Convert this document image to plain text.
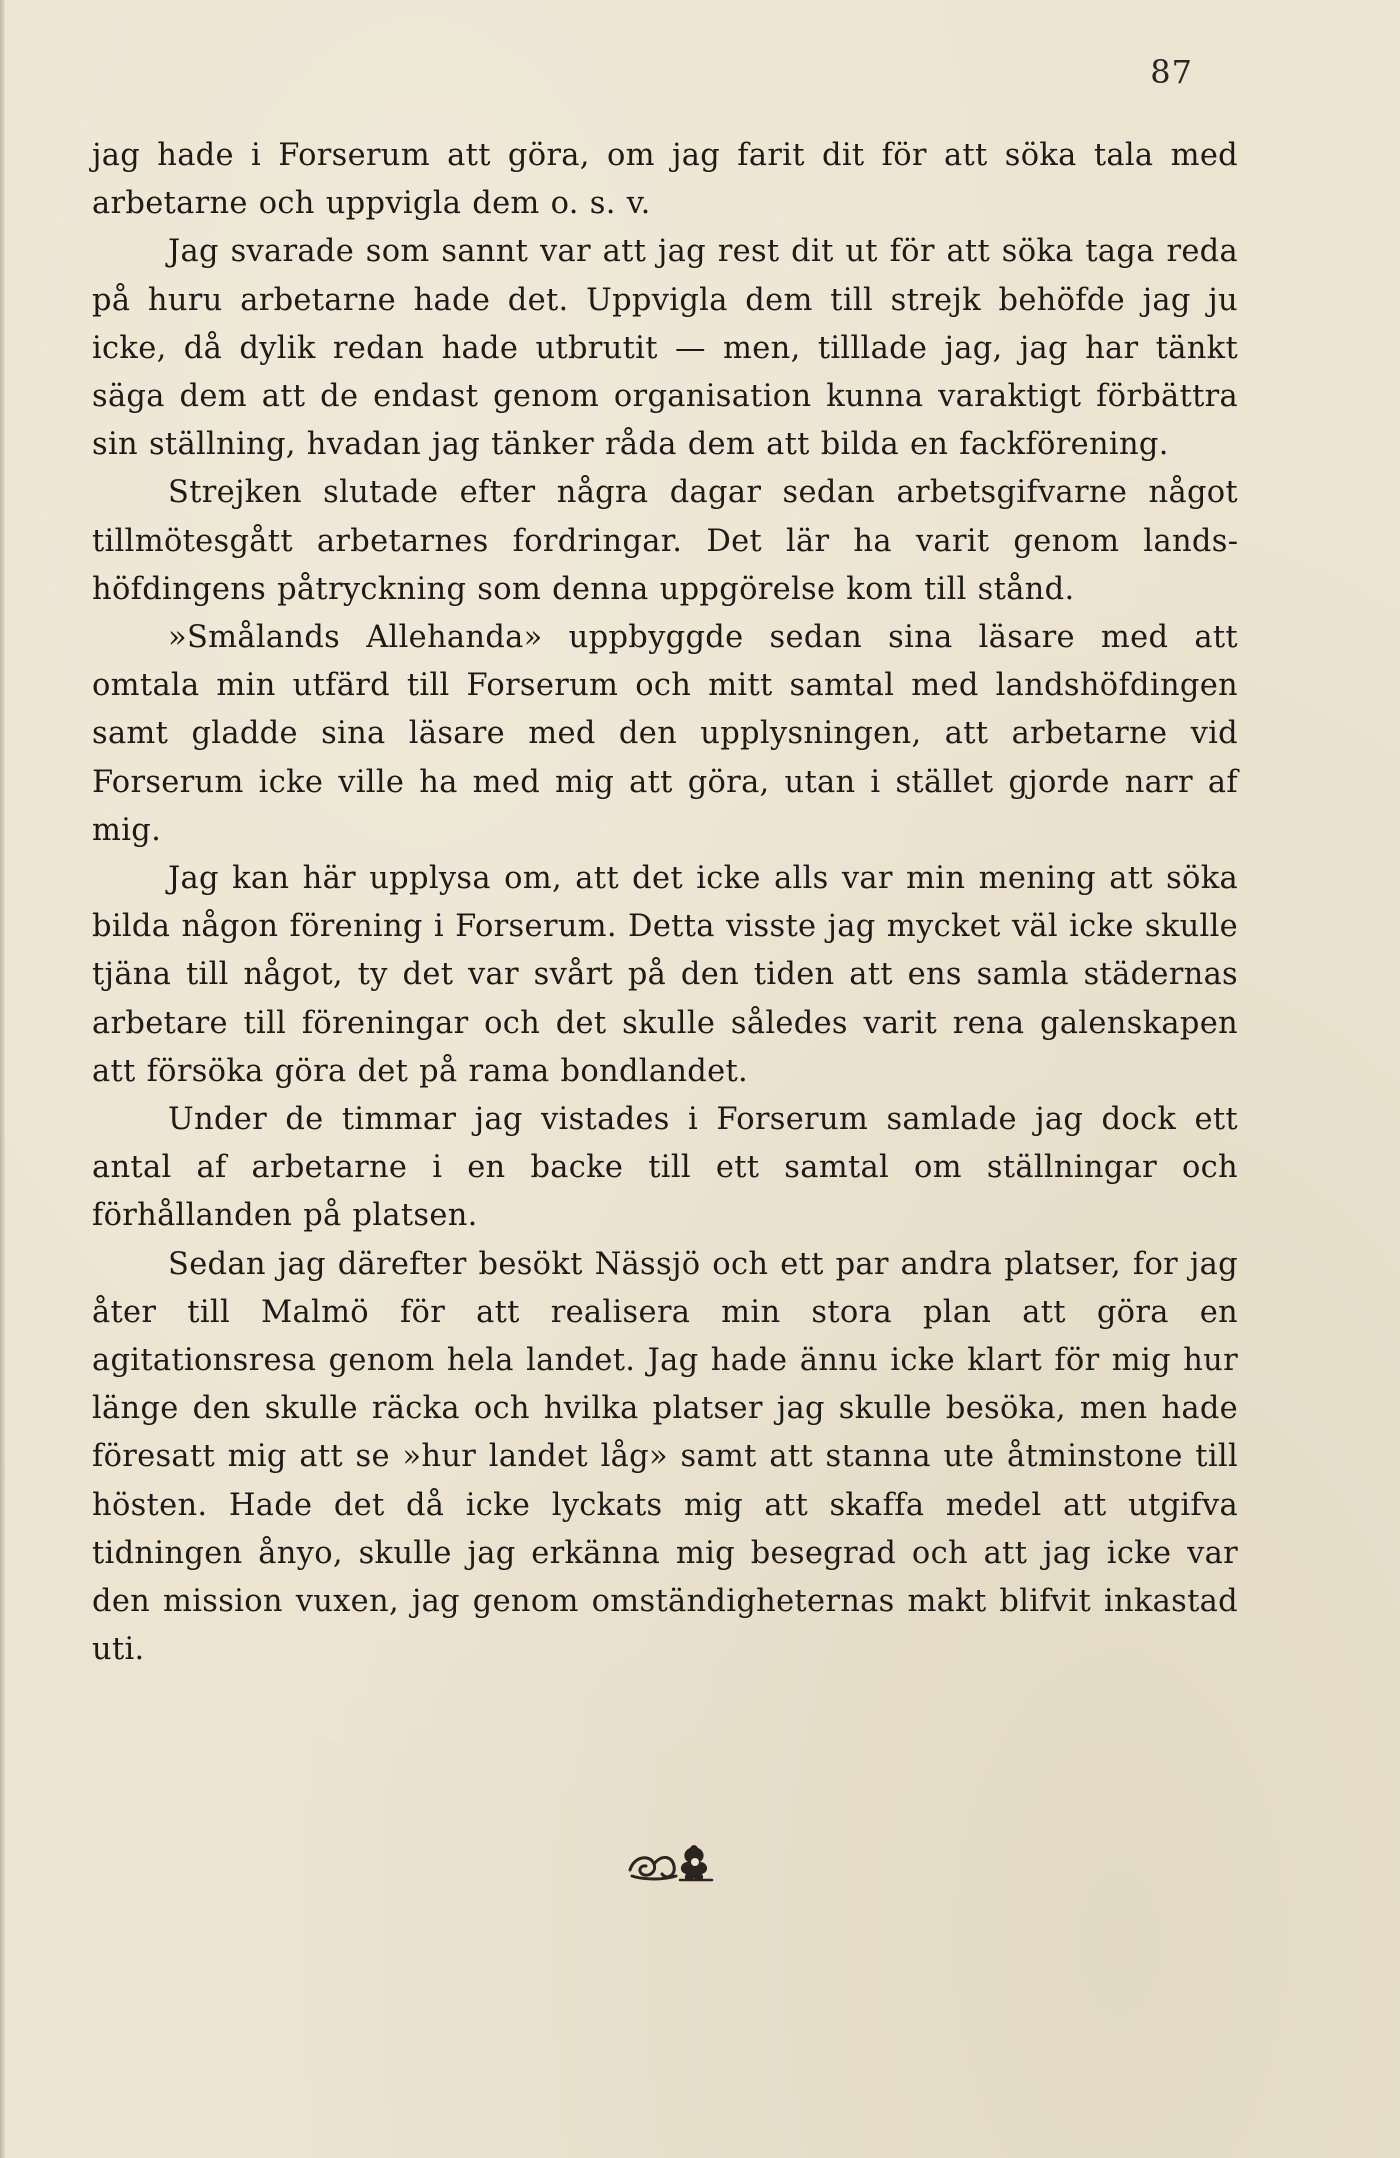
87

jag hade i Forserum att göra, om jag farit dit för att söka tala med arbetarne och uppvigla dem o. s. v.

Jag svarade som sannt var att jag rest dit ut för att söka taga reda på huru arbetarne hade det. Uppvigla dem till strejk behöfde jag ju icke, då dylik redan hade utbrutit — men, tilllade jag, jag har tänkt säga dem att de endast genom organisation kunna varaktigt förbättra sin ställning, hvadan jag tänker råda dem att bilda en fackförening.

Strejken slutade efter några dagar sedan arbetsgifvarne något tillmötesgått arbetarnes fordringar. Det lär ha varit genom landshöfdingens påtryckning som denna uppgörelse kom till stånd.

»Smålands Allehanda» uppbyggde sedan sina läsare med att omtala min utfärd till Forserum och mitt samtal med landshöfdingen samt gladde sina läsare med den upplysningen, att arbetarne vid Forserum icke ville ha med mig att göra, utan i stället gjorde narr af mig.

Jag kan här upplysa om, att det icke alls var min mening att söka bilda någon förening i Forserum. Detta visste jag mycket väl icke skulle tjäna till något, ty det var svårt på den tiden att ens samla städernas arbetare till föreningar och det skulle således varit rena galenskapen att försöka göra det på rama bondlandet.

Under de timmar jag vistades i Forserum samlade jag dock ett antal af arbetarne i en backe till ett samtal om ställningar och förhållanden på platsen.

Sedan jag därefter besökt Nässjö och ett par andra platser, for jag åter till Malmö för att realisera min stora plan att göra en agitationsresa genom hela landet. Jag hade ännu icke klart för mig hur länge den skulle räcka och hvilka platser jag skulle besöka, men hade föresatt mig att se »hur landet låg» samt att stanna ute åtminstone till hösten. Hade det då icke lyckats mig att skaffa medel att utgifva tidningen ånyo, skulle jag erkänna mig besegrad och att jag icke var den mission vuxen, jag genom omständigheternas makt blifvit inkastad uti.
